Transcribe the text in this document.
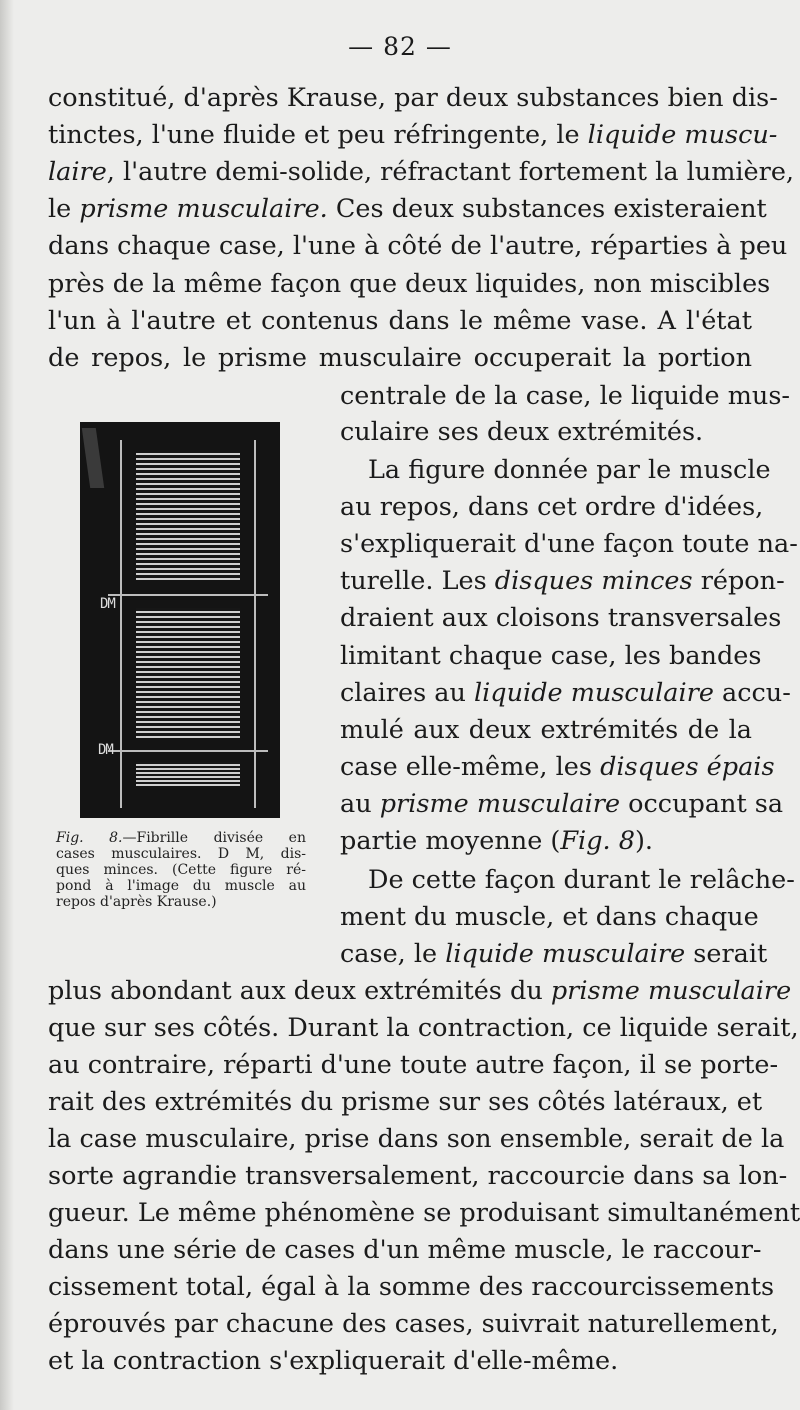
— 82 —
constitué, d'après Krause, par deux substances bien dis-
tinctes, l'une fluide et peu réfringente, le liquide muscu-
laire, l'autre demi-solide, réfractant fortement la lumière,
le prisme musculaire. Ces deux substances existeraient
dans chaque case, l'une à côté de l'autre, réparties à peu
près de la même façon que deux liquides, non miscibles
l'un à l'autre et contenus dans le même vase. A l'état
de repos, le prisme musculaire occuperait la portion
centrale de la case, le liquide mus-
culaire ses deux extrémités.
La figure donnée par le muscle
au repos, dans cet ordre d'idées,
s'expliquerait d'une façon toute na-
turelle. Les disques minces répon-
draient aux cloisons transversales
limitant chaque case, les bandes
claires au liquide musculaire accu-
mulé aux deux extrémités de la
case elle-même, les disques épais
au prisme musculaire occupant sa
partie moyenne (Fig. 8).
De cette façon durant le relâche-
ment du muscle, et dans chaque
case, le liquide musculaire serait
plus abondant aux deux extrémités du prisme musculaire
que sur ses côtés. Durant la contraction, ce liquide serait,
au contraire, réparti d'une toute autre façon, il se porte-
rait des extrémités du prisme sur ses côtés latéraux, et
la case musculaire, prise dans son ensemble, serait de la
sorte agrandie transversalement, raccourcie dans sa lon-
gueur. Le même phénomène se produisant simultanément
dans une série de cases d'un même muscle, le raccour-
cissement total, égal à la somme des raccourcissements
éprouvés par chacune des cases, suivrait naturellement,
et la contraction s'expliquerait d'elle-même.
DM
DM
Fig. 8.—Fibrille divisée en
cases musculaires. D M, dis-
ques minces. (Cette figure ré-
pond à l'image du muscle au
repos d'après Krause.)
